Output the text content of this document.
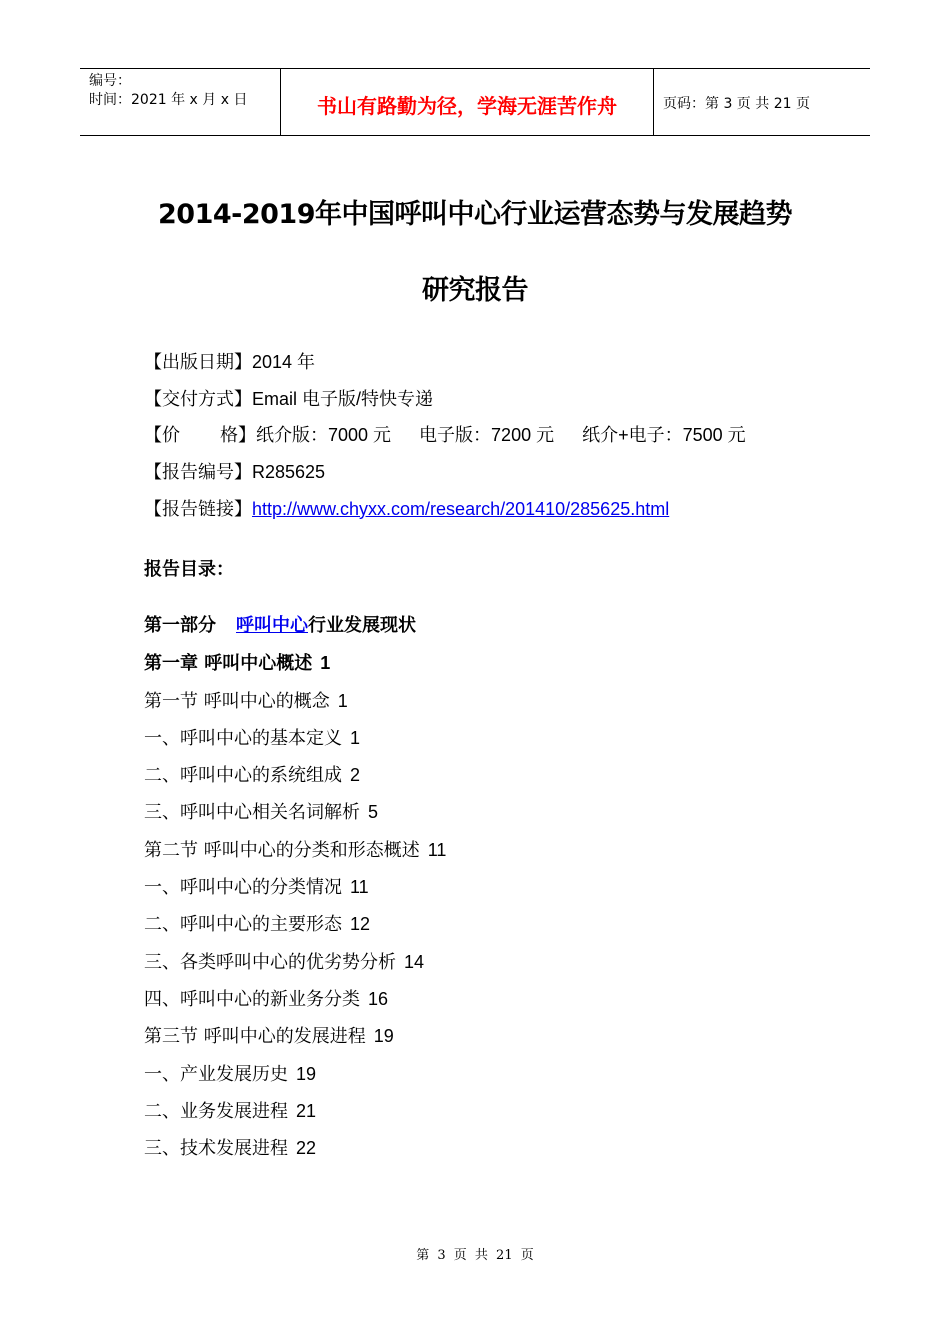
编号：
时间：2021 年 x 月 x 日	书山有路勤为径，学海无涯苦作舟	页码：第 3 页 共 21 页
2014-2019年中国呼叫中心行业运营态势与发展趋势
研究报告
【出版日期】2014 年
【交付方式】Email 电子版/特快专递
【价 格】纸介版：7000 元 电子版：7200 元 纸介+电子：7500 元
【报告编号】R285625
【报告链接】http://www.chyxx.com/research/201410/285625.html
报告目录：
第一部分 呼叫中心行业发展现状
第一章 呼叫中心概述 1
第一节 呼叫中心的概念 1
一、呼叫中心的基本定义 1
二、呼叫中心的系统组成 2
三、呼叫中心相关名词解析 5
第二节 呼叫中心的分类和形态概述 11
一、呼叫中心的分类情况 11
二、呼叫中心的主要形态 12
三、各类呼叫中心的优劣势分析 14
四、呼叫中心的新业务分类 16
第三节 呼叫中心的发展进程 19
一、产业发展历史 19
二、业务发展进程 21
三、技术发展进程 22
第 3 页 共 21 页
